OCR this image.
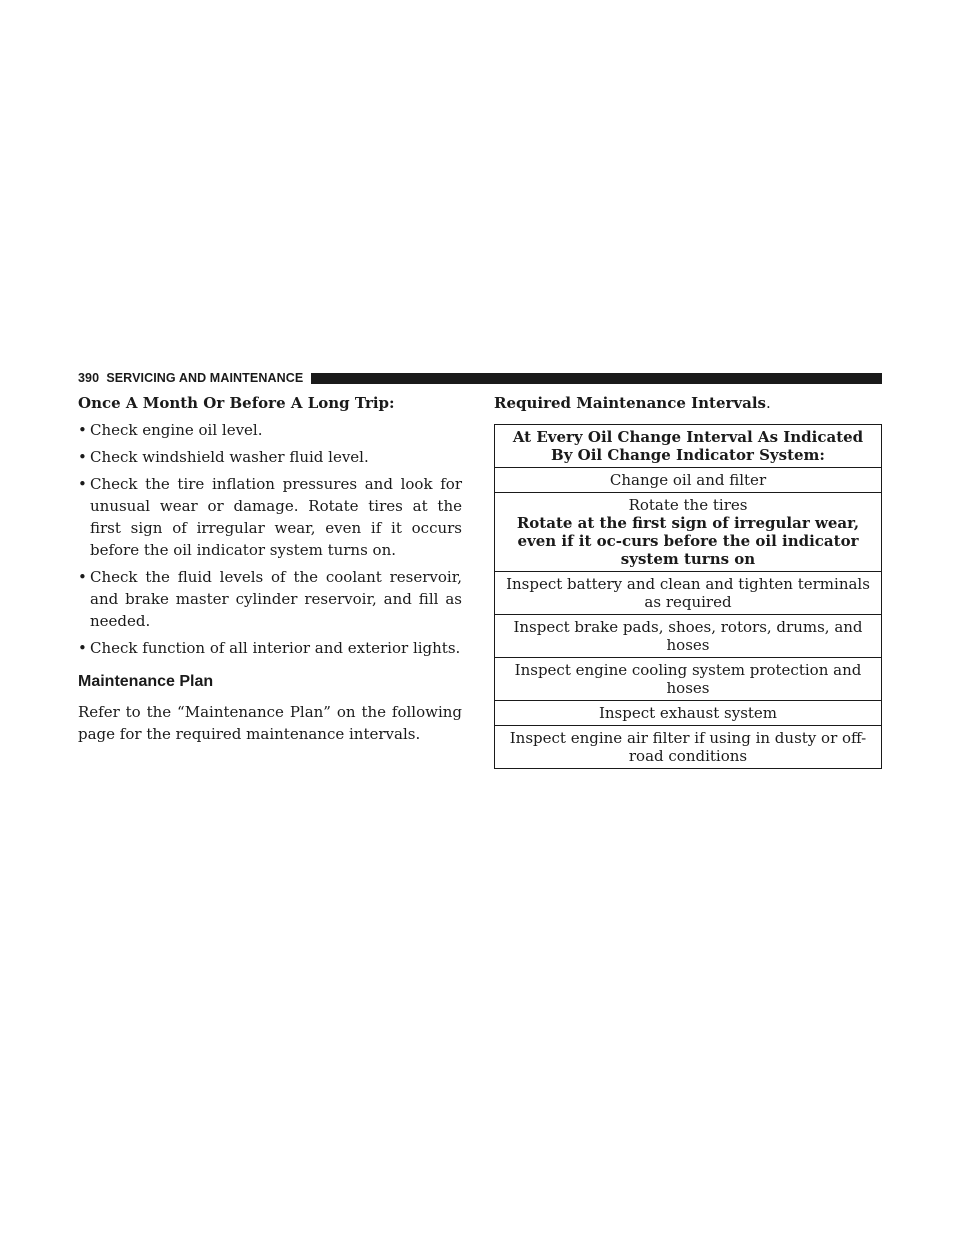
390 SERVICING AND MAINTENANCE

Once A Month Or Before A Long Trip:

• Check engine oil level.
• Check windshield washer fluid level.
• Check the tire inflation pressures and look for unusual wear or damage. Rotate tires at the first sign of irregular wear, even if it occurs before the oil indicator system turns on.
• Check the fluid levels of the coolant reservoir, and brake master cylinder reservoir, and fill as needed.
• Check function of all interior and exterior lights.

Maintenance Plan

Refer to the “Maintenance Plan” on the following page for the required maintenance intervals.

Required Maintenance Intervals.
At Every Oil Change Interval As Indicated By Oil Change Indicator System:
Change oil and filter

Rotate the tires
Rotate at the first sign of irregular wear, even if it oc-curs before the oil indicator system turns on

Inspect battery and clean and tighten terminals as required
Inspect brake pads, shoes, rotors, drums, and hoses
Inspect engine cooling system protection and hoses
Inspect exhaust system
Inspect engine air filter if using in dusty or off-road conditions
